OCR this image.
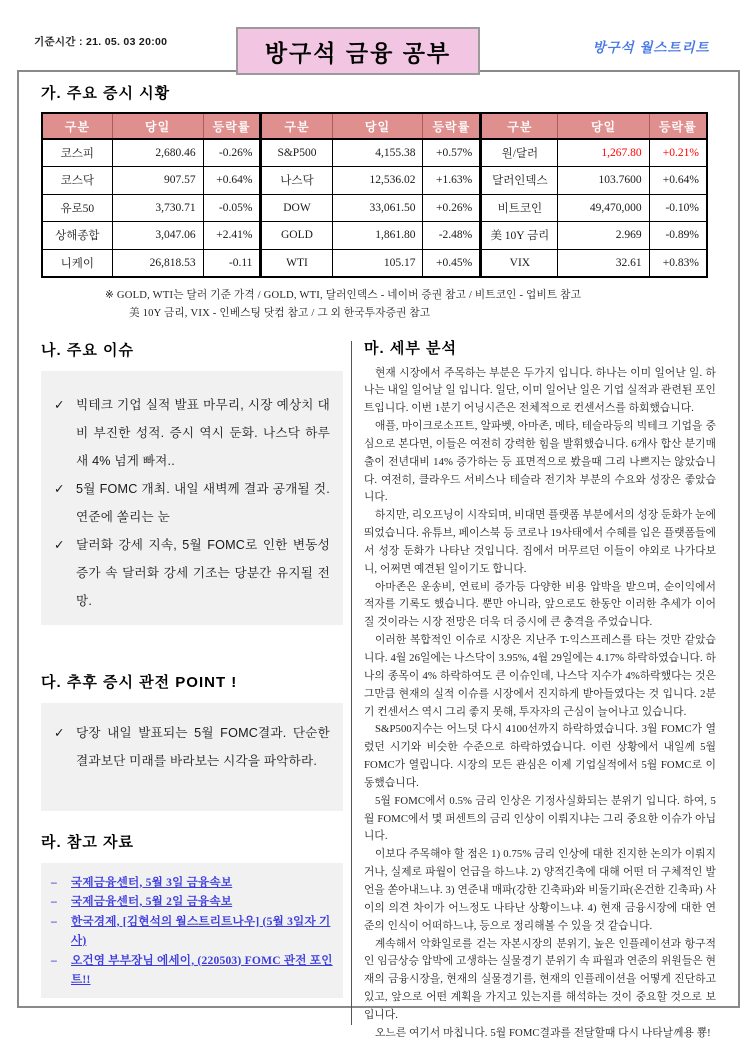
기준시간 : 21. 05. 03 20:00	방구석 금융 공부	방구석 월스트리트
가. 주요 증시 시황
구분	당일	등락률	구분	당일	등락률	구분	당일	등락률
코스피	2,680.46	-0.26%	S&P500	4,155.38	+0.57%	원/달러	1,267.80	+0.21%
코스닥	907.57	+0.64%	나스닥	12,536.02	+1.63%	달러인덱스	103.7600	+0.64%
유로50	3,730.71	-0.05%	DOW	33,061.50	+0.26%	비트코인	49,470,000	-0.10%
상해종합	3,047.06	+2.41%	GOLD	1,861.80	-2.48%	美 10Y 금리	2.969	-0.89%
니케이	26,818.53	-0.11	WTI	105.17	+0.45%	VIX	32.61	+0.83%
※ GOLD, WTI는 달러 기준 가격 / GOLD, WTI, 달러인덱스 - 네이버 증권 참고 / 비트코인 - 업비트 참고
美 10Y 금리, VIX - 인베스팅 닷컴 참고 / 그 외 한국투자증권 참고
나. 주요 이슈
✓ 빅테크 기업 실적 발표 마무리, 시장 예상치 대비 부진한 성적. 증시 역시 둔화. 나스닥 하루새 4% 넘게 빠져..
✓ 5월 FOMC 개최. 내일 새벽께 결과 공개될 것. 연준에 쏠리는 눈
✓ 달러화 강세 지속, 5월 FOMC로 인한 변동성 증가 속 달러화 강세 기조는 당분간 유지될 전망.
다. 추후 증시 관전 POINT !
✓ 당장 내일 발표되는 5월 FOMC결과. 단순한 결과보단 미래를 바라보는 시각을 파악하라.
라. 참고 자료
–	국제금융센터, 5월 3일 금융속보
–	국제금융센터, 5월 2일 금융속보
–	한국경제, [김현석의 월스트리트나우] (5월 3일자 기사)
–	오건영 부부장님 에세이, (220503) FOMC 관전 포인트!!
마. 세부 분석

현재 시장에서 주목하는 부분은 두가지 입니다. 하나는 이미 일어난 일. 하나는 내일 일어날 일 입니다. 일단, 이미 일어난 일은 기업 실적과 관련된 포인트입니다. 이번 1분기 어닝시즌은 전체적으로 컨센서스를 하회했습니다.

애플, 마이크로소프트, 알파벳, 아마존, 메타, 테슬라등의 빅테크 기업을 중심으로 본다면, 이들은 여전히 강력한 힘을 발휘했습니다. 6개사 합산 분기매출이 전년대비 14% 증가하는 등 표면적으로 봤을때 그리 나쁘지는 않았습니다. 여전히, 클라우드 서비스나 테슬라 전기차 부분의 수요와 성장은 좋았습니다.

하지만, 리오프닝이 시작되며, 비대면 플랫폼 부분에서의 성장 둔화가 눈에 띄었습니다. 유튜브, 페이스북 등 코로나 19사태에서 수혜를 입은 플랫폼들에서 성장 둔화가 나타난 것입니다. 집에서 머무르던 이들이 야외로 나가다보니, 어쩌면 예견된 일이기도 합니다.

아마존은 운송비, 연료비 증가등 다양한 비용 압박을 받으며, 순이익에서 적자를 기록도 했습니다. 뿐만 아니라, 앞으로도 한동안 이러한 추세가 이어질 것이라는 시장 전망은 더욱 더 증시에 큰 충격을 주었습니다.

이러한 복합적인 이슈로 시장은 지난주 T-익스프레스를 타는 것만 같았습니다. 4월 26일에는 나스닥이 3.95%, 4월 29일에는 4.17% 하락하였습니다. 하나의 종목이 4% 하락하여도 큰 이슈인데, 나스닥 지수가 4%하락했다는 것은 그만큼 현재의 실적 이슈를 시장에서 진지하게 받아들였다는 것 입니다. 2분기 컨센서스 역시 그리 좋지 못해, 투자자의 근심이 늘어나고 있습니다.

S&P500지수는 어느덧 다시 4100선까지 하락하였습니다. 3월 FOMC가 열렸던 시기와 비슷한 수준으로 하락하였습니다. 이런 상황에서 내일께 5월 FOMC가 열립니다. 시장의 모든 관심은 이제 기업실적에서 5월 FOMC로 이동했습니다.

5월 FOMC에서 0.5% 금리 인상은 기정사실화되는 분위기 입니다. 하여, 5월 FOMC에서 몇 퍼센트의 금리 인상이 이뤄지냐는 그리 중요한 이슈가 아닙니다.

이보다 주목해야 할 점은 1) 0.75% 금리 인상에 대한 진지한 논의가 이뤄지거나, 실제로 파월이 언급을 하느냐. 2) 양적긴축에 대해 어떤 더 구체적인 발언을 쏟아내느냐. 3) 연준내 매파(강한 긴축파)와 비둘기파(온건한 긴축파) 사이의 의견 차이가 어느정도 나타난 상황이느냐. 4) 현재 금융시장에 대한 연준의 인식이 어떠하느냐, 등으로 정리해볼 수 있을 것 같습니다.

계속해서 악화일로를 걷는 자본시장의 분위기, 높은 인플레이션과 항구적인 임금상승 압박에 고생하는 실물경기 분위기 속 파월과 연준의 위원들은 현재의 금융시장을, 현재의 실물경기를, 현재의 인플레이션을 어떻게 진단하고 있고, 앞으로 어떤 계획을 가지고 있는지를 해석하는 것이 중요할 것으로 보입니다.

오느른 여기서 마칩니다. 5월 FOMC결과를 전달할때 다시 나타날께용 뿅!
